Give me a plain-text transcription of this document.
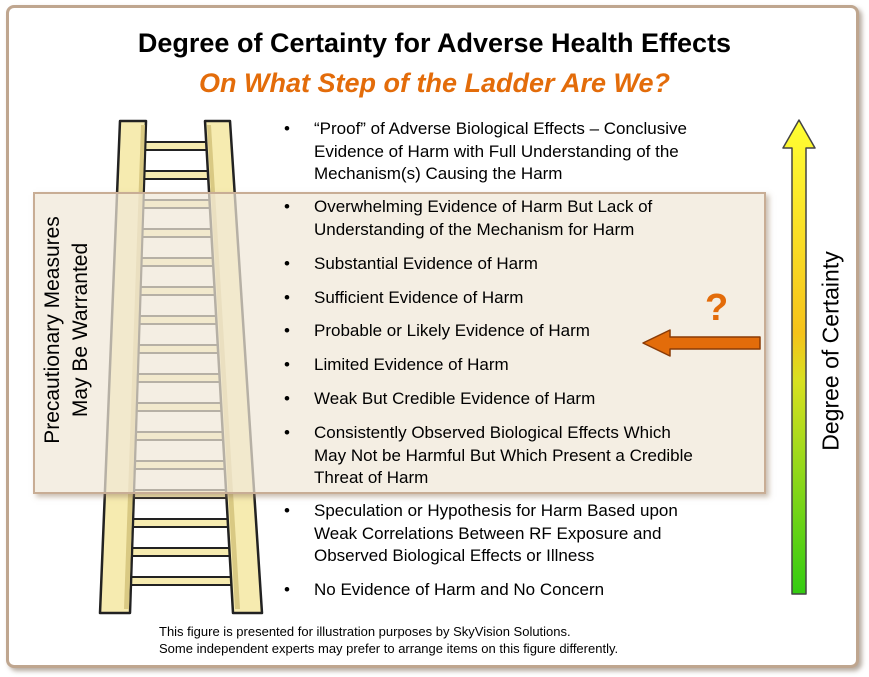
Degree of Certainty for Adverse Health Effects
On What Step of the Ladder Are We?
Precautionary Measures May Be Warranted
• “Proof” of Adverse Biological Effects – Conclusive
Evidence of Harm with Full Understanding of the
Mechanism(s) Causing the Harm
• Overwhelming Evidence of Harm But Lack of
Understanding of the Mechanism for Harm
• Substantial Evidence of Harm
• Sufficient Evidence of Harm
• Probable or Likely Evidence of Harm
• Limited Evidence of Harm
• Weak But Credible Evidence of Harm
• Consistently Observed Biological Effects Which
May Not be Harmful But Which Present a Credible
Threat of Harm
• Speculation or Hypothesis for Harm Based upon
Weak Correlations Between RF Exposure and
Observed Biological Effects or Illness
• No Evidence of Harm and No Concern
?	Degree of Certainty
This figure is presented for illustration purposes by SkyVision Solutions.
Some independent experts may prefer to arrange items on this figure differently.
